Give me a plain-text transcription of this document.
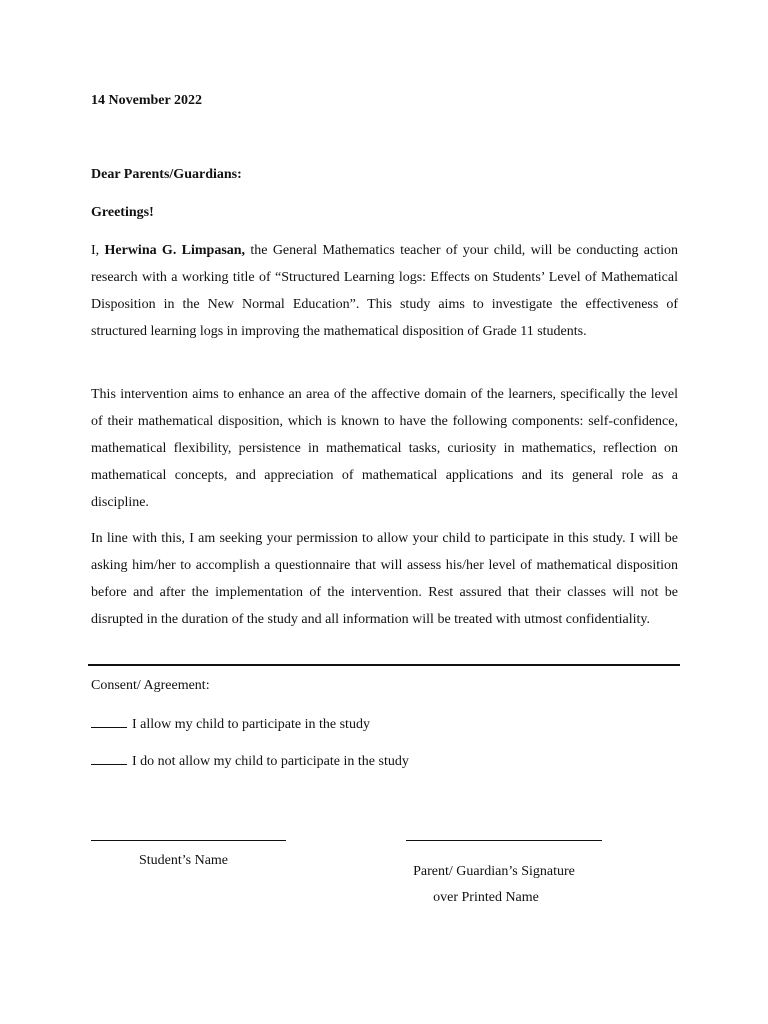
14 November 2022
Dear Parents/Guardians:
Greetings!

I, Herwina G. Limpasan, the General Mathematics teacher of your child, will be conducting action research with a working title of “Structured Learning logs: Effects on Students’ Level of Mathematical Disposition in the New Normal Education”. This study aims to investigate the effectiveness of structured learning logs in improving the mathematical disposition of Grade 11 students.

This intervention aims to enhance an area of the affective domain of the learners, specifically the level of their mathematical disposition, which is known to have the following components: self-confidence, mathematical flexibility, persistence in mathematical tasks, curiosity in mathematics, reflection on mathematical concepts, and appreciation of mathematical applications and its general role as a discipline.

In line with this, I am seeking your permission to allow your child to participate in this study. I will be asking him/her to accomplish a questionnaire that will assess his/her level of mathematical disposition before and after the implementation of the intervention. Rest assured that their classes will not be disrupted in the duration of the study and all information will be treated with utmost confidentiality.

Consent/ Agreement:
I allow my child to participate in the study
I do not allow my child to participate in the study
Student’s Name
Parent/ Guardian’s Signature
over Printed Name
